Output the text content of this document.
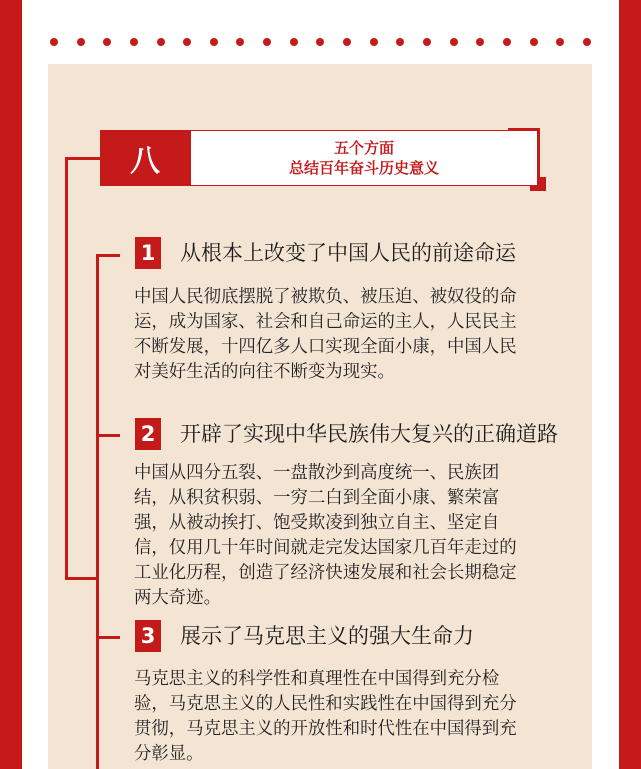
八	五个方面
总结百年奋斗历史意义
1 从根本上改变了中国人民的前途命运
中国人民彻底摆脱了被欺负、被压迫、被奴役的命
运，成为国家、社会和自己命运的主人，人民民主
不断发展，十四亿多人口实现全面小康，中国人民
对美好生活的向往不断变为现实。
2 开辟了实现中华民族伟大复兴的正确道路
中国从四分五裂、一盘散沙到高度统一、民族团
结，从积贫积弱、一穷二白到全面小康、繁荣富
强，从被动挨打、饱受欺凌到独立自主、坚定自
信，仅用几十年时间就走完发达国家几百年走过的
工业化历程，创造了经济快速发展和社会长期稳定
两大奇迹。
3 展示了马克思主义的强大生命力
马克思主义的科学性和真理性在中国得到充分检
验，马克思主义的人民性和实践性在中国得到充分
贯彻，马克思主义的开放性和时代性在中国得到充
分彰显。
